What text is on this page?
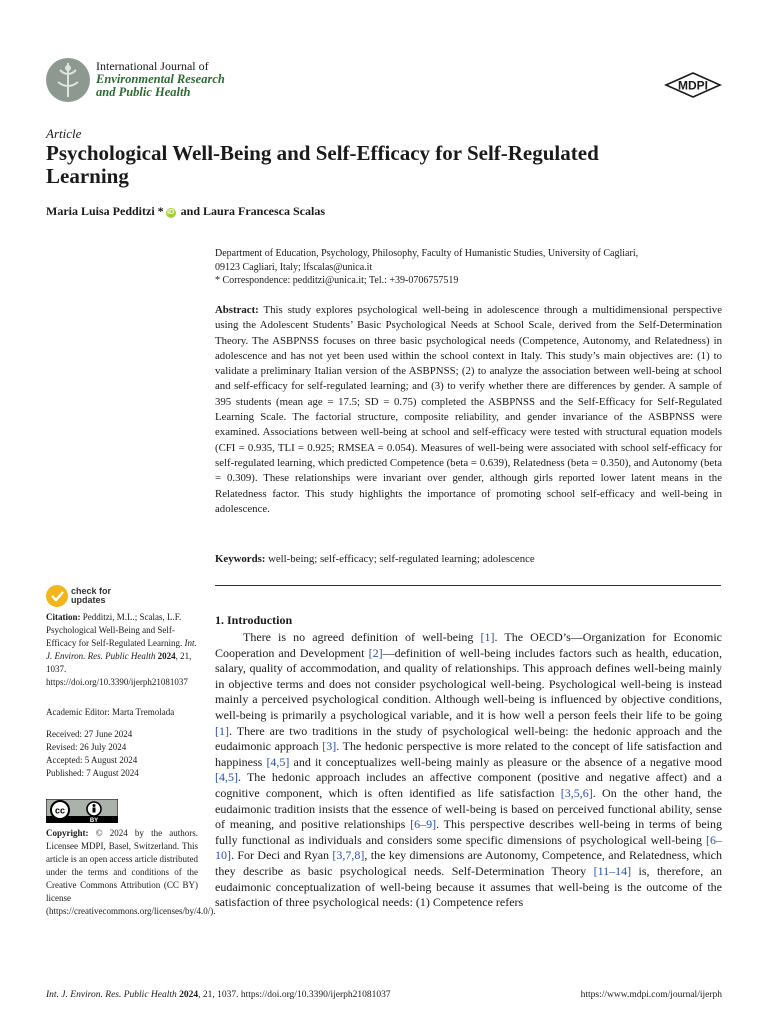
International Journal of
Environmental Research
and Public Health	MDPI
Article
Psychological Well-Being and Self-Efficacy for Self-Regulated Learning
Maria Luisa Pedditzi * iD and Laura Francesca Scalas
Department of Education, Psychology, Philosophy, Faculty of Humanistic Studies, University of Cagliari,
09123 Cagliari, Italy; lfscalas@unica.it
* Correspondence: pedditzi@unica.it; Tel.: +39-0706757519
Abstract: This study explores psychological well-being in adolescence through a multidimensional perspective using the Adolescent Students’ Basic Psychological Needs at School Scale, derived from the Self-Determination Theory. The ASBPNSS focuses on three basic psychological needs (Competence, Autonomy, and Relatedness) in adolescence and has not yet been used within the school context in Italy. This study’s main objectives are: (1) to validate a preliminary Italian version of the ASBPNSS; (2) to analyze the association between well-being at school and self-efficacy for self-regulated learning; and (3) to verify whether there are differences by gender. A sample of 395 students (mean age = 17.5; SD = 0.75) completed the ASBPNSS and the Self-Efficacy for Self-Regulated Learning Scale. The factorial structure, composite reliability, and gender invariance of the ASBPNSS were examined. Associations between well-being at school and self-efficacy were tested with structural equation models (CFI = 0.935, TLI = 0.925; RMSEA = 0.054). Measures of well-being were associated with school self-efficacy for self-regulated learning, which predicted Competence (beta = 0.639), Relatedness (beta = 0.350), and Autonomy (beta = 0.309). These relationships were invariant over gender, although girls reported lower latent means in the Relatedness factor. This study highlights the importance of promoting school self-efficacy and well-being in adolescence.
Keywords: well-being; self-efficacy; self-regulated learning; adolescence
check for
updates

Citation: Pedditzi, M.L.; Scalas, L.F. Psychological Well-Being and Self-Efficacy for Self-Regulated Learning. Int. J. Environ. Res. Public Health 2024, 21, 1037. https://doi.org/10.3390/ijerph21081037

Academic Editor: Marta Tremolada

Received: 27 June 2024

Revised: 26 July 2024

Accepted: 5 August 2024

Published: 7 August 2024

cc
BY
Copyright: © 2024 by the authors. Licensee MDPI, Basel, Switzerland. This article is an open access article distributed under the terms and conditions of the Creative Commons Attribution (CC BY) license (https://creativecommons.org/licenses/by/4.0/).
1. Introduction
There is no agreed definition of well-being [1]. The OECD’s—Organization for Economic Cooperation and Development [2]—definition of well-being includes factors such as health, education, salary, quality of accommodation, and quality of relationships. This approach defines well-being mainly in objective terms and does not consider psychological well-being. Psychological well-being is instead mainly a perceived psychological condition. Although well-being is influenced by objective conditions, well-being is primarily a psychological variable, and it is how well a person feels their life to be going [1]. There are two traditions in the study of psychological well-being: the hedonic approach and the eudaimonic approach [3]. The hedonic perspective is more related to the concept of life satisfaction and happiness [4,5] and it conceptualizes well-being mainly as pleasure or the absence of a negative mood [4,5]. The hedonic approach includes an affective component (positive and negative affect) and a cognitive component, which is often identified as life satisfaction [3,5,6]. On the other hand, the eudaimonic tradition insists that the essence of well-being is based on perceived functional ability, sense of meaning, and positive relationships [6–9]. This perspective describes well-being in terms of being fully functional as individuals and considers some specific dimensions of psychological well-being [6–10]. For Deci and Ryan [3,7,8], the key dimensions are Autonomy, Competence, and Relatedness, which they describe as basic psychological needs. Self-Determination Theory [11–14] is, therefore, an eudaimonic conceptualization of well-being because it assumes that well-being is the outcome of the satisfaction of three psychological needs: (1) Competence refers
Int. J. Environ. Res. Public Health 2024, 21, 1037. https://doi.org/10.3390/ijerph21081037	https://www.mdpi.com/journal/ijerph
